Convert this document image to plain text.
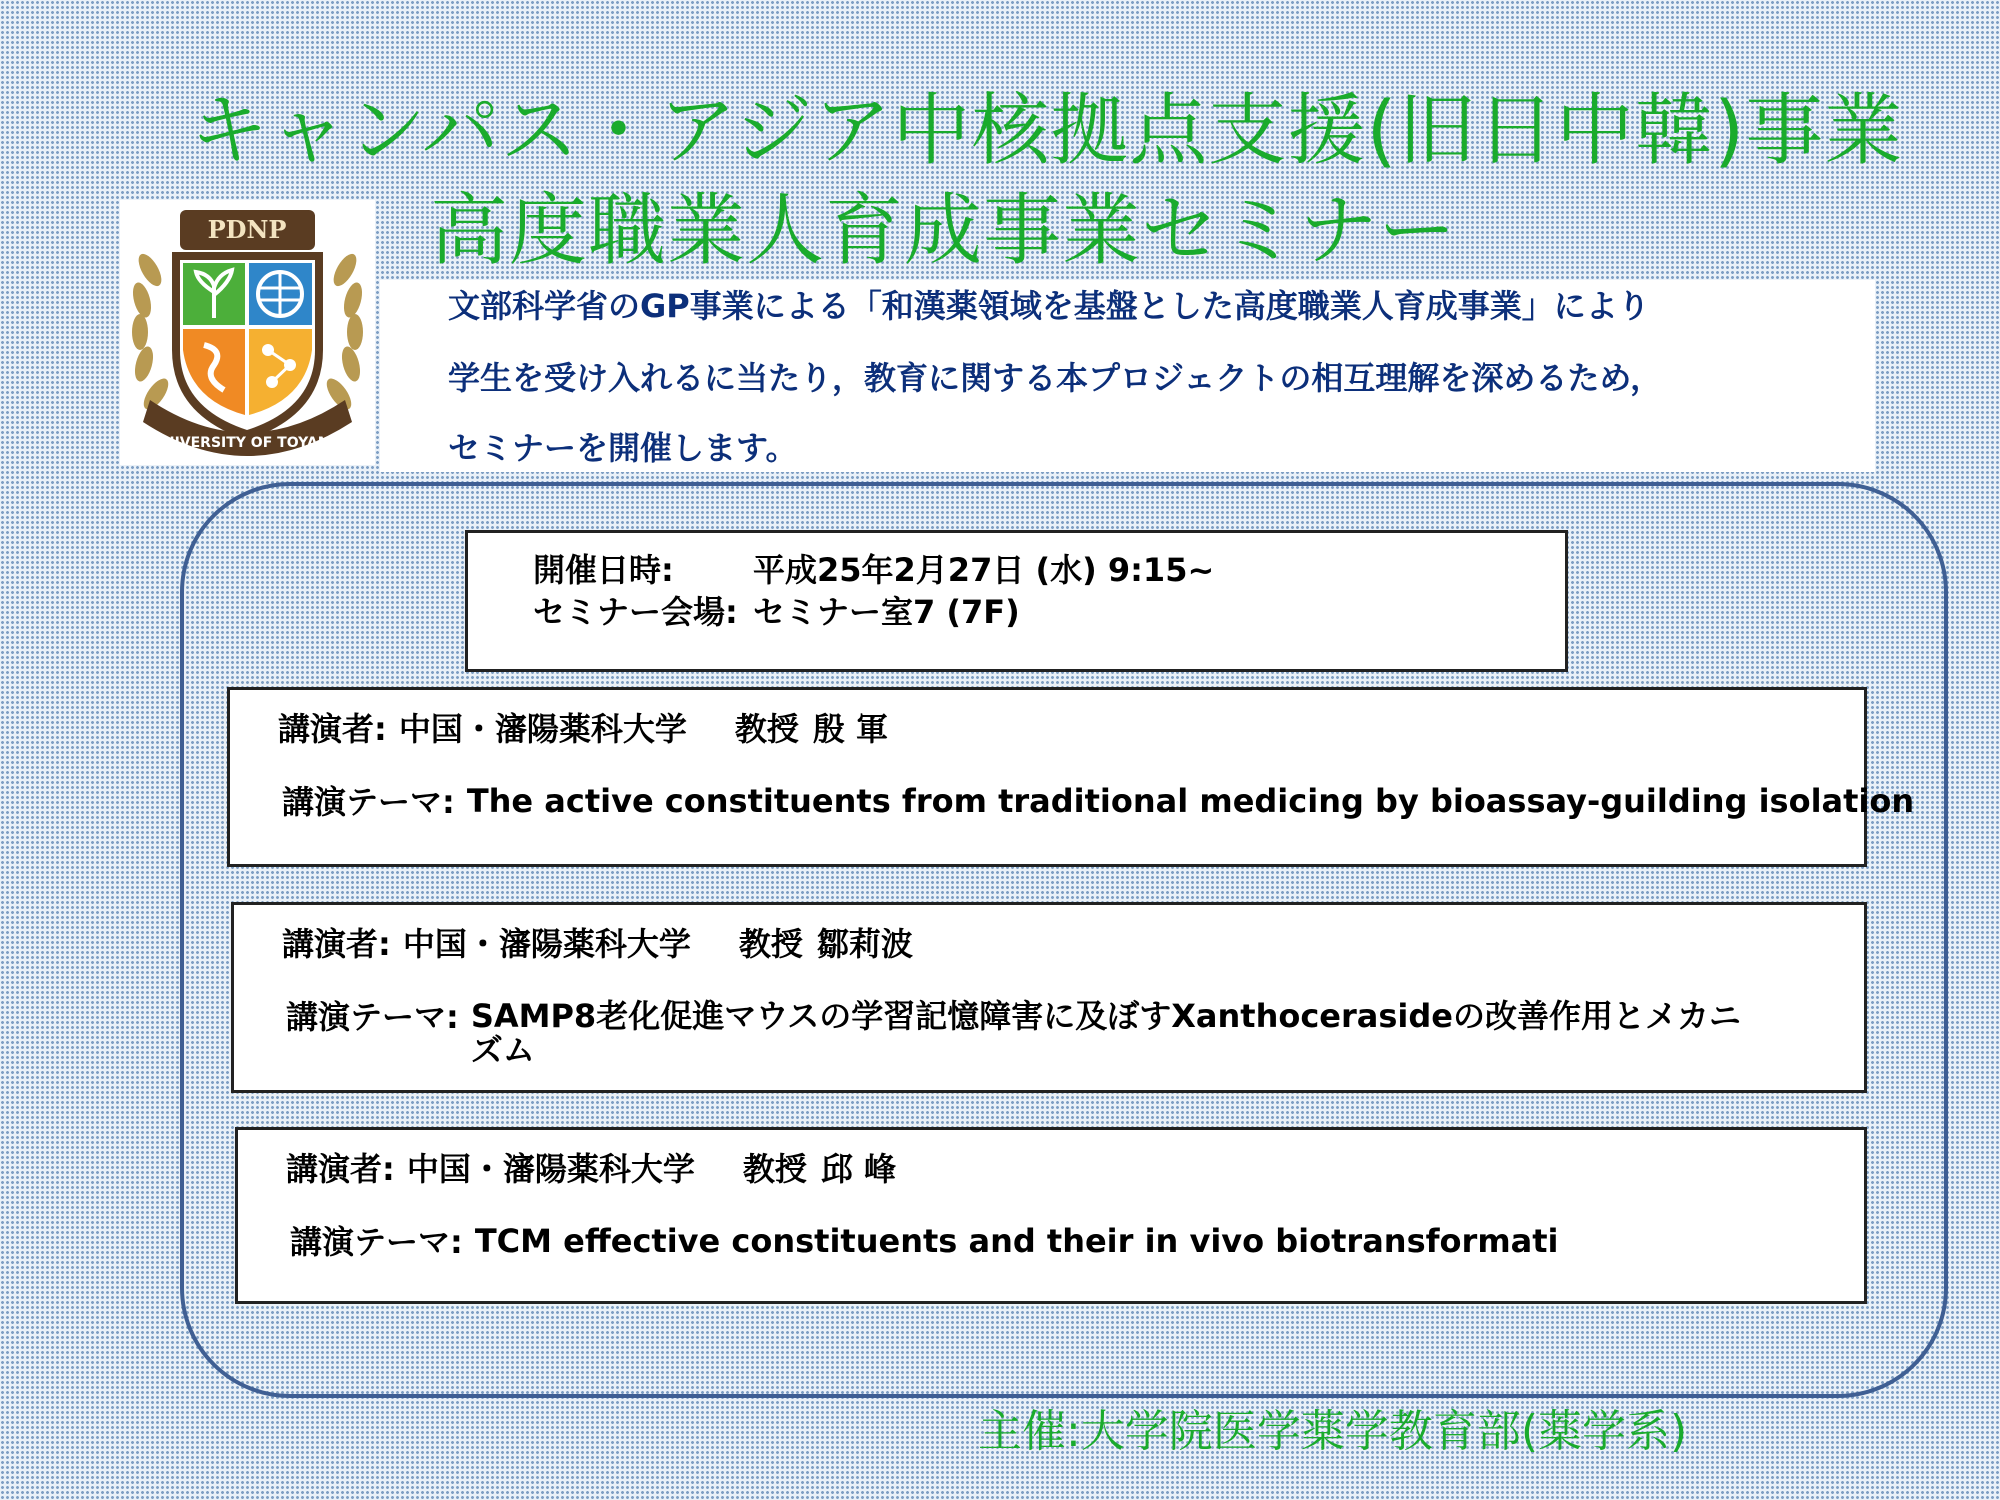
キャンパス・アジア中核拠点支援(旧日中韓)事業
高度職業人育成事業セミナー
PDNP
UNIVERSITY OF TOYAMA

文部科学省のGP事業による「和漢薬領域を基盤とした高度職業人育成事業」により

学生を受け入れるに当たり，教育に関する本プロジェクトの相互理解を深めるため，

セミナーを開催します。

開催日時: 平成25年2月27日 (水) 9:15~
セミナー会場: セミナー室7 (7F)
講演者: 中国・瀋陽薬科大学 教授 殷 軍
講演テーマ: The active constituents from traditional medicing by bioassay-guilding isolation
講演者: 中国・瀋陽薬科大学 教授 鄒莉波
講演テーマ: SAMP8老化促進マウスの学習記憶障害に及ぼすXanthocerasideの改善作用とメカニズム
講演者: 中国・瀋陽薬科大学 教授 邱 峰
講演テーマ: TCM effective constituents and their in vivo biotransformati
主催:大学院医学薬学教育部(薬学系)
